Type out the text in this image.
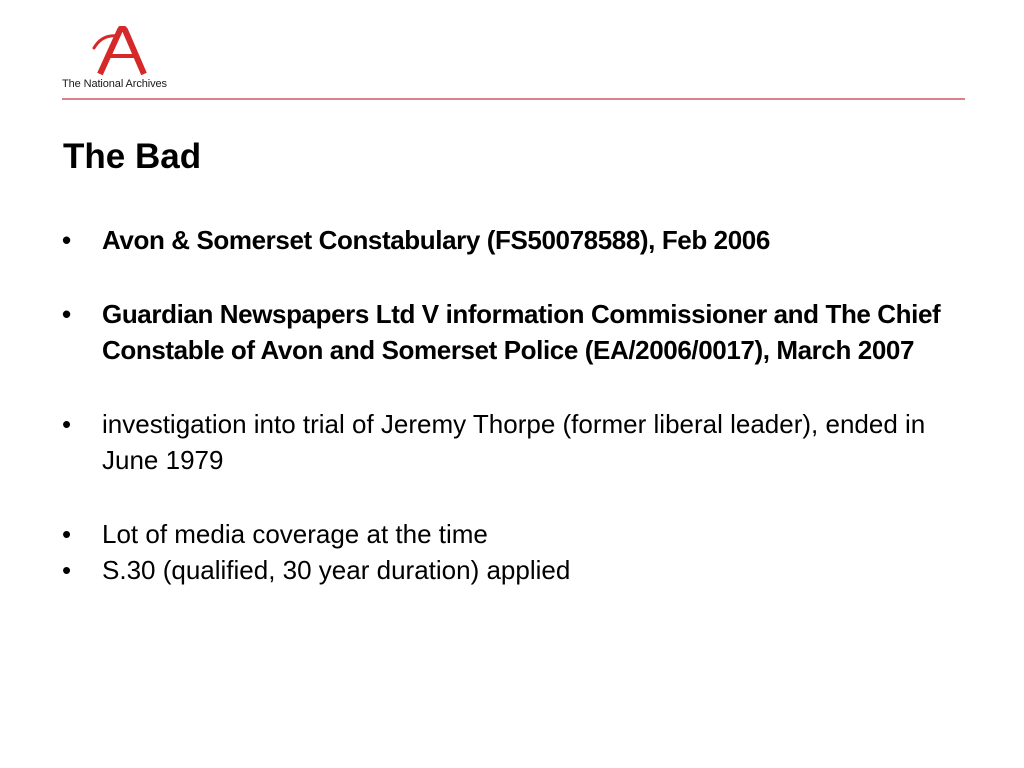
The National Archives
The Bad
• Avon & Somerset Constabulary (FS50078588), Feb 2006
• Guardian Newspapers Ltd V information Commissioner and The Chief Constable of Avon and Somerset Police (EA/2006/0017), March 2007
• investigation into trial of Jeremy Thorpe (former liberal leader), ended in June 1979
• Lot of media coverage at the time
• S.30 (qualified, 30 year duration) applied
